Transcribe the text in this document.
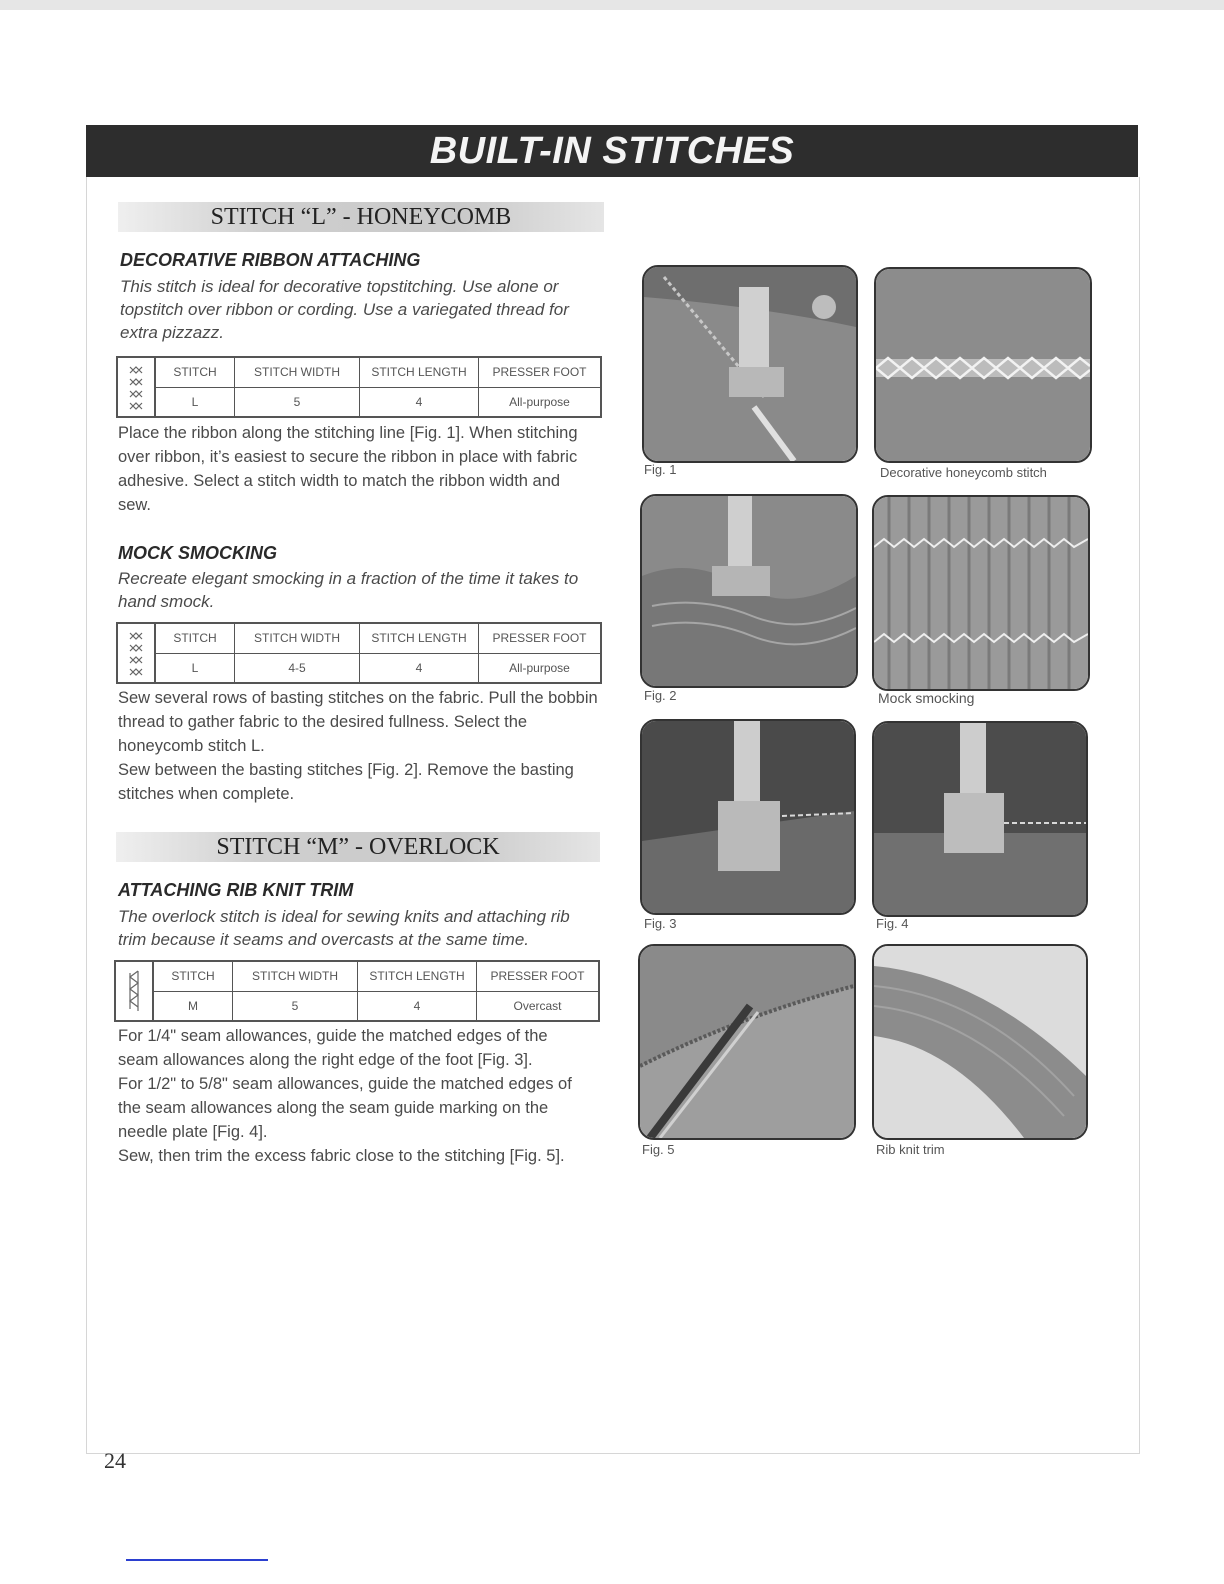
BUILT-IN STITCHES
STITCH “L” - HONEYCOMB
DECORATIVE RIBBON ATTACHING

This stitch is ideal for decorative topstitching. Use alone or topstitch over ribbon or cording. Use a variegated thread for extra pizzazz.

STITCH	STITCH WIDTH	STITCH LENGTH	PRESSER FOOT
L	5	4	All-purpose

Place the ribbon along the stitching line [Fig. 1]. When stitching over ribbon, it’s easiest to secure the ribbon in place with fabric adhesive. Select a stitch width to match the ribbon width and sew.

MOCK SMOCKING

Recreate elegant smocking in a fraction of the time it takes to hand smock.

STITCH	STITCH WIDTH	STITCH LENGTH	PRESSER FOOT
L	4-5	4	All-purpose

Sew several rows of basting stitches on the fabric. Pull the bobbin thread to gather fabric to the desired fullness. Select the honeycomb stitch L.

Sew between the basting stitches [Fig. 2]. Remove the basting stitches when complete.

STITCH “M” - OVERLOCK
ATTACHING RIB KNIT TRIM

The overlock stitch is ideal for sewing knits and attaching rib trim because it seams and overcasts at the same time.

STITCH	STITCH WIDTH	STITCH LENGTH	PRESSER FOOT
M	5	4	Overcast

For 1/4" seam allowances, guide the matched edges of the seam allowances along the right edge of the foot [Fig. 3].

For 1/2" to 5/8" seam allowances, guide the matched edges of the seam allowances along the seam guide marking on the needle plate [Fig. 4].

Sew, then trim the excess fabric close to the stitching [Fig. 5].

Fig. 1	Decorative honeycomb stitch
Fig. 2	Mock smocking
Fig. 3	Fig. 4
Fig. 5	Rib knit trim
24
